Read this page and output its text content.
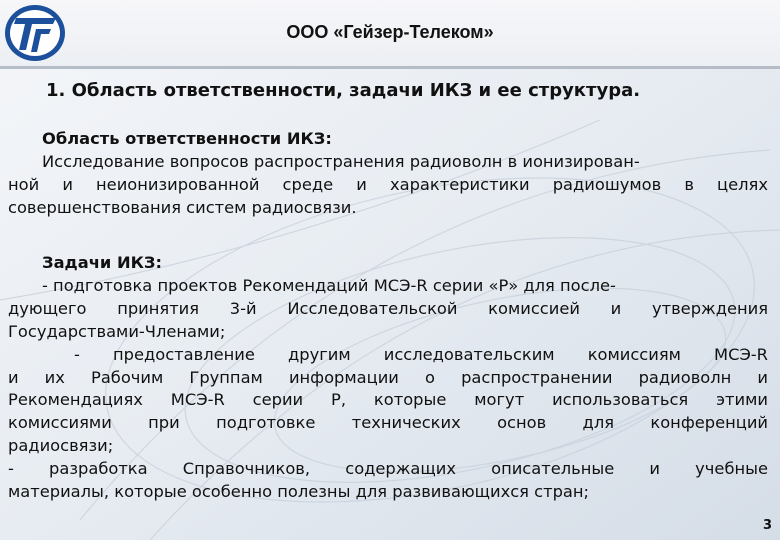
ООО «Гейзер-Телеком»
1. Область ответственности, задачи ИКЗ и ее структура.
Область ответственности ИКЗ:
Исследование вопросов распространения радиоволн в ионизирован-
ной и неионизированной среде и характеристики радиошумов в целях
совершенствования систем радиосвязи.
Задачи ИКЗ:
- подготовка проектов Рекомендаций МСЭ-R серии «P» для после-
дующего принятия 3-й Исследовательской комиссией и утверждения
Государствами-Членами;
- предоставление другим исследовательским комиссиям МСЭ-R
и их Рабочим Группам информации о распространении радиоволн и
Рекомендациях МСЭ-R серии P, которые могут использоваться этими
комиссиями при подготовке технических основ для конференций
радиосвязи;
- разработка Справочников, содержащих описательные и учебные
материалы, которые особенно полезны для развивающихся стран;
3
